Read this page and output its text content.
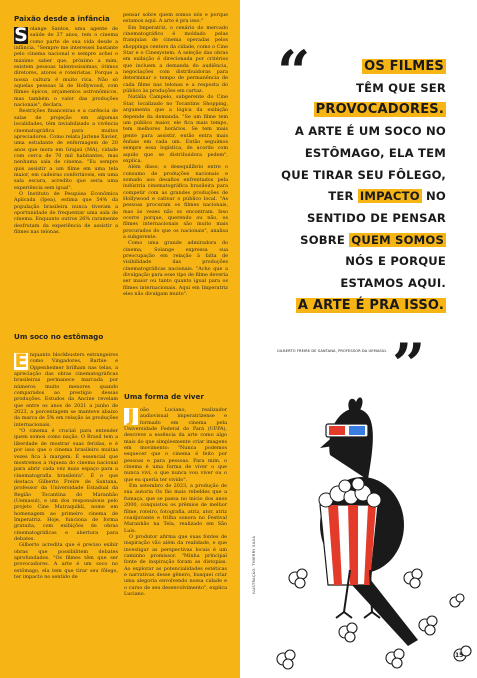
Paixão desde a infância

S olange Santos, uma agente de saúde de 37 anos, tem o cinema como parte de sua vida desde a infância. "Sempre me interessei bastante pelo cinema nacional e sempre achei o máximo saber que, próximo a mim, existem pessoas talentosíssimas, ótimos diretores, atores e roteiristas. Porque a nossa cultura é muito rica. Não só aquelas pessoas lá de Hollywood, com filmes épicos, orçamentos astronômicos, mas também o valor das produções nacionais", declara.

Restrições financeiras e a carência de salas de projeção em algumas localidades, têm inviabilizado a vivência cinematográfica para muitos apreciadores. Como relata Jarlene Xavier, uma estudante de enfermagem de 20 anos que mora em Grajaú (MA), cidade com cerca de 70 mil habitantes, mas nenhuma sala de cinema. "Eu sempre quis assistir a um filme em uma tela maior, em cadeiras confortáveis, em uma sala escura, acredito que seria uma experiência sem igual".

O Instituto de Pesquisa Econômica Aplicada (Ipea), estima que 54% da população brasileira nunca tiveram a oportunidade de frequentar uma sala de cinema. Enquanto outros 26% raramente desfrutam da experiência de assistir a filmes nas telonas.

Um soco no estômago

E nquanto blockbusters estrangeiros como Vingadores, Barbie e Oppenheimer brilham nas telas, a apreciação das obras cinematográficas brasileiras permanece marcada por números muito menores quando comparados ao prestígio dessas produções. Estudos da Ancine revelam que entre os anos de 2021 a junho de 2023, a porcentagem se manteve abaixo da marca de 5% em relação às produções internacionais.

"O cinema é crucial para entender quem somos como nação. O Brasil tem a liberdade de mostrar suas feridas, e é por isso que o cinema brasileiro muitas vezes fica à margem. É essencial que mostremos a riqueza do cinema nacional para abrir cada vez mais espaço para a cinematografia brasileira". É o que destaca Gilberto Freire de Santana, professor da Universidade Estadual da Região Tocantina do Maranhão (Uemasul), e um dos responsáveis pelo projeto Cine Mutraquiklí, nome em homenagem ao primeiro cinema de Imperatriz. Hoje, funciona de forma gratuita, com exibições de obras cinematográficas e abertura para debates.

Gilberto acredita que é preciso exibir obras que possibilitem debates aprofundados. "Os filmes têm que ser provocadores. A arte é um soco no estômago, ela tem que tirar seu fôlego, ter impacto no sentido de

pensar sobre quem somos nós e porque estamos aqui. A arte é pra isso."

Em Imperatriz, o cenário do mercado cinematográfico é moldado pelas franquias de cinema operadas pelos shoppings centers da cidade, como o Cine Star e o Cinesystem. A seleção das obras em exibição é direcionada por critérios que incluem a demanda do audiência, negociações com distribuidoras para determinar o tempo de permanência de cada filme nas telonas e a resposta do público às produções em cartaz.

Natália Campelo, subgerente do Cine Star, localizado no Tocantins Shopping, argumenta que a lógica da exibição depende da demanda. "Se um filme tem um público maior, ele fica mais tempo, tem melhores horários. Se tem mais gente para assistir, então entra mais ênfase em cada um. Então seguimos sempre essa logística, de acordo com aquilo que se distribuidora pedem", explica.

Além disso, o desequilíbrio entre o consumo de produções nacionais e somado aos desafios enfrentados pela indústria cinematográfica brasileira para competir com as grandes produções de Hollywood e cativar o público local. "As pessoas procuram os filmes nacionais, mas às vezes não os encontram. Isso ocorre porque, querendo ou não, os filmes internacionais são muito mais procurados do que os nacionais", analisa a subgerente.

Como uma grande admiradora do cinema, Solange expressa sua preocupação em relação à falta de visibilidade das produções cinematográficas nacionais. "Acho que a divulgação para esse tipo de filme deveria ser maior ou tanto quanto igual para os filmes internacionais. Aqui em Imperatriz eles não divulgam muito".

Uma forma de viver

J	oão Luciano, realizador audiovisual imperatrizense e formado em cinema pela Universidade Federal do Pará (UFPA), descreve a essência da arte como algo mais do que simplesmente criar imagens em movimento: "Nunca podemos esquecer que o cinema é feito por pessoas e para pessoas. Para mim, o cinema é uma forma de viver o que nunca vivi, o que nunca vou viver ou o que eu queria ter vivido".

Em setembro de 2023, a produção de sua autoria Os fás mais rebeldes que a fumaça, que se passa no início dos anos 2000, conquistou os prêmios de melhor filme, roteiro, fotografia, atriz, ator, atriz coadjuvante e trilha sonora no Festival Maranhão na Tela, realizado em São Luís.

O produtor afirma que suas fontes de inspiração vão além da realidade, e que investigar as perspectivas locais é um caminho promissor. "Minha principal fonte de inspiração foram as distopias. Ao explorar as potencialidades estéticas e narrativas desse gênero, busquei criar uma alegoria envolvendo nossa cidade e o curso de seu desenvolvimento", explica Luciano.

“	OS FILMES
TÊM QUE SER
PROVOCADORES.
A ARTE É UM SOCO NO
ESTÔMAGO, ELA TEM
QUE TIRAR SEU FÔLEGO,
TER IMPACTO NO
SENTIDO DE PENSAR
SOBRE QUEM SOMOS
NÓS E PORQUE
ESTAMOS AQUI.
A ARTE É PRA ISSO.
GILBERTO FREIRE DE SANTANA, PROFESSOR DA UEMASUL ”
ILUSTRAÇÃO: THIERRY SILVA
15
